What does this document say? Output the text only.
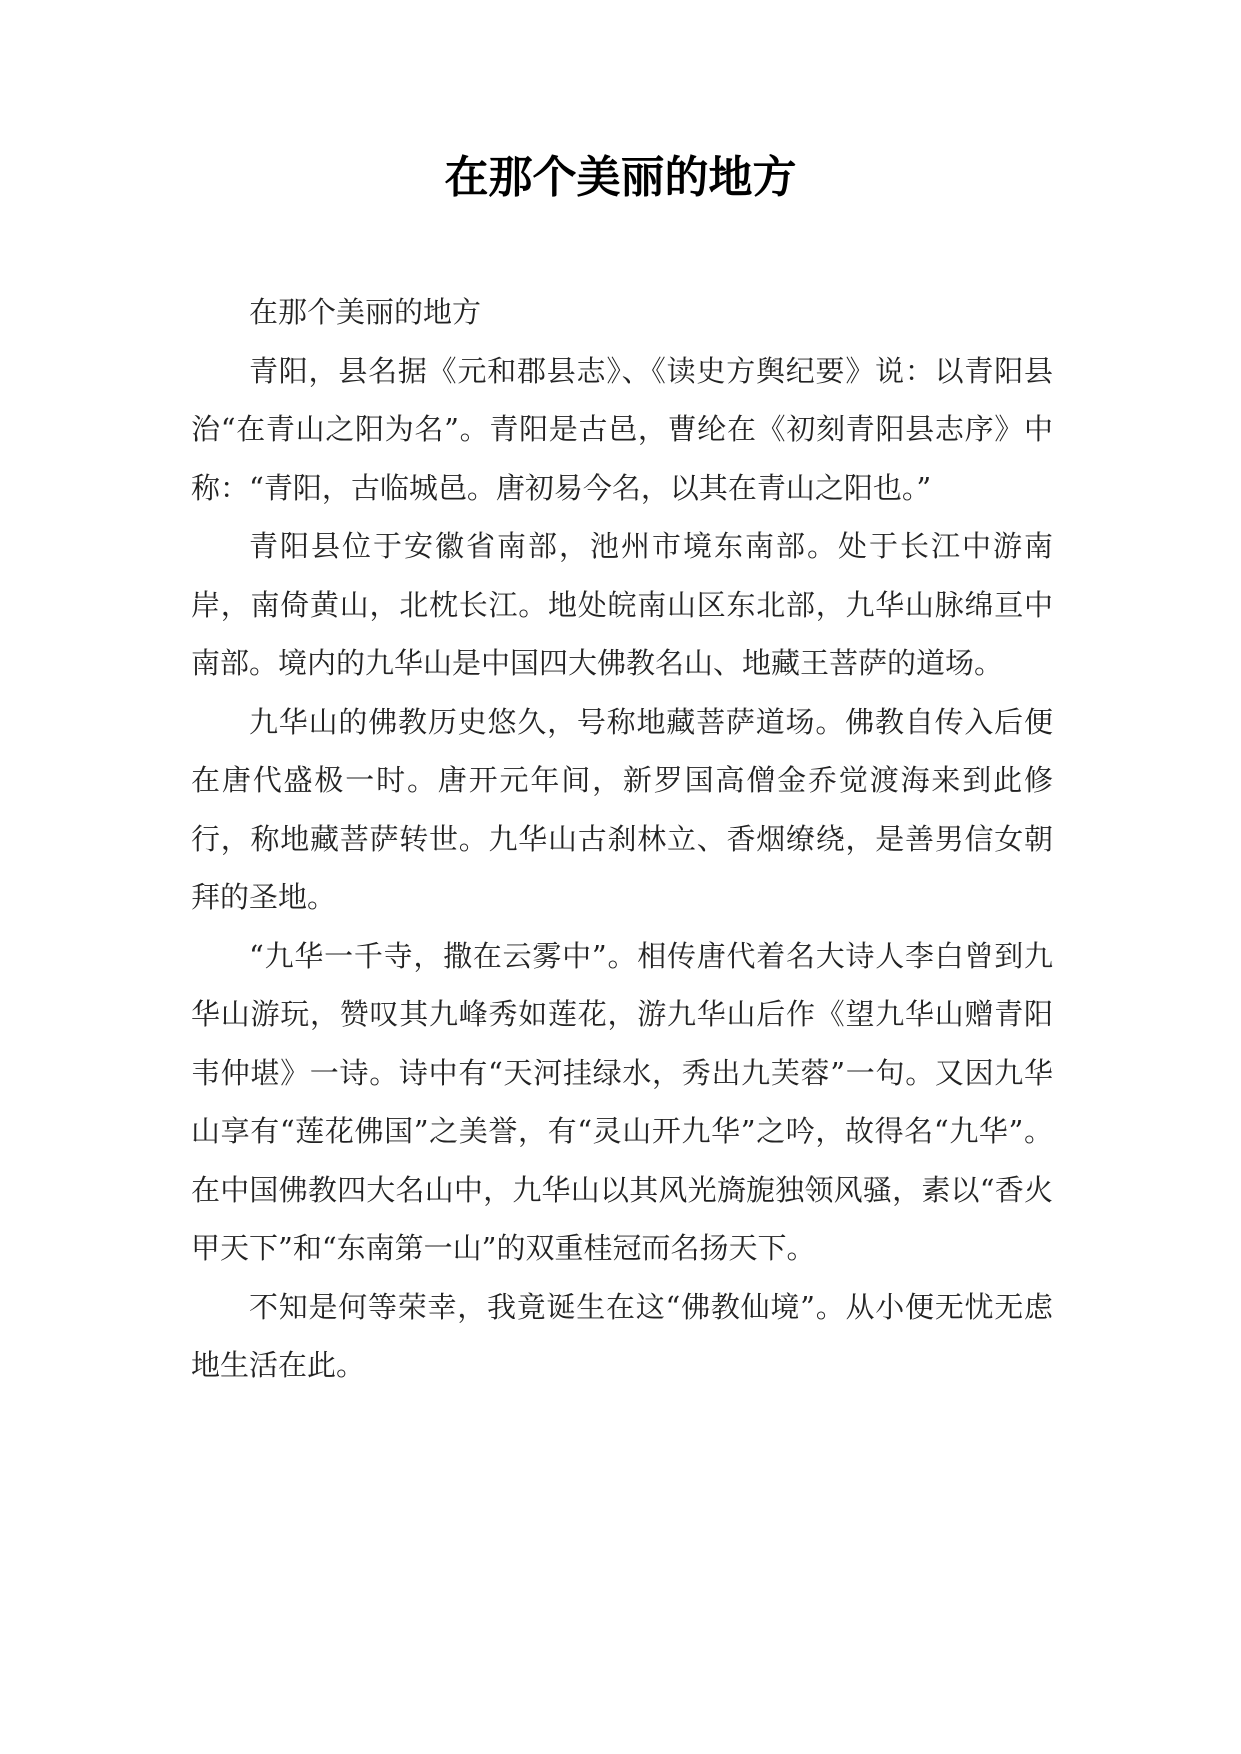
在那个美丽的地方

在那个美丽的地方

青阳，县名据《元和郡县志》、《读史方舆纪要》说：以青阳县治“在青山之阳为名”。青阳是古邑，曹纶在《初刻青阳县志序》中称：“青阳，古临城邑。唐初易今名，以其在青山之阳也。”

青阳县位于安徽省南部，池州市境东南部。处于长江中游南岸，南倚黄山，北枕长江。地处皖南山区东北部，九华山脉绵亘中南部。境内的九华山是中国四大佛教名山、地藏王菩萨的道场。

九华山的佛教历史悠久，号称地藏菩萨道场。佛教自传入后便在唐代盛极一时。唐开元年间，新罗国高僧金乔觉渡海来到此修行，称地藏菩萨转世。九华山古刹林立、香烟缭绕，是善男信女朝拜的圣地。

“九华一千寺，撒在云雾中”。相传唐代着名大诗人李白曾到九华山游玩，赞叹其九峰秀如莲花，游九华山后作《望九华山赠青阳韦仲堪》一诗。诗中有“天河挂绿水，秀出九芙蓉”一句。又因九华山享有“莲花佛国”之美誉，有“灵山开九华”之吟，故得名“九华”。在中国佛教四大名山中，九华山以其风光旖旎独领风骚，素以“香火甲天下”和“东南第一山”的双重桂冠而名扬天下。

不知是何等荣幸，我竟诞生在这“佛教仙境”。从小便无忧无虑地生活在此。
